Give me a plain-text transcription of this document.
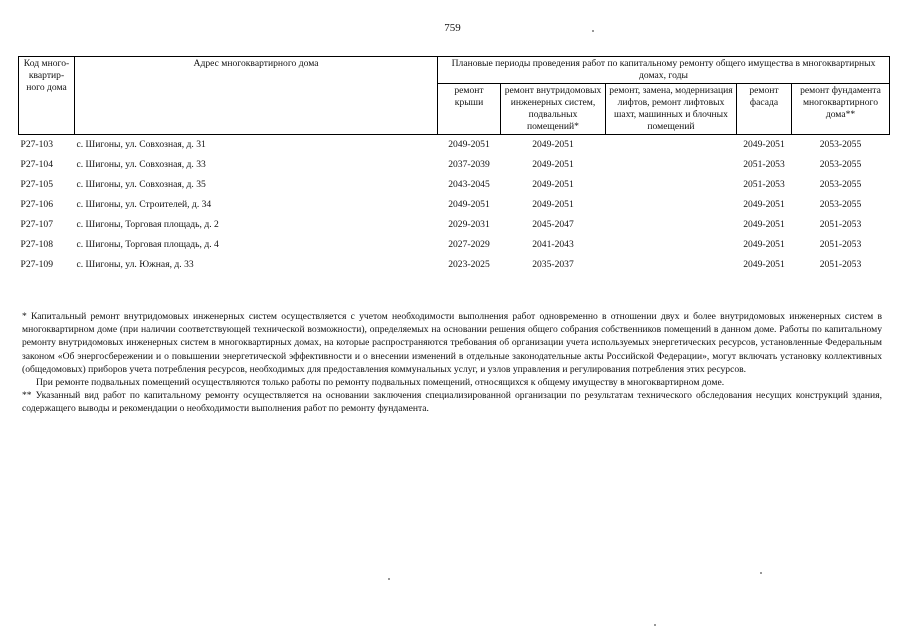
759
Код много-квартир-ного дома	Адрес многоквартирного дома	Плановые периоды проведения работ по капитальному ремонту общего имущества в многоквартирных домах, годы				
		ремонт крыши	ремонт внутридомовых инженерных систем, подвальных помещений*	ремонт, замена, модернизация лифтов, ремонт лифтовых шахт, машинных и блочных помещений	ремонт фасада	ремонт фундамента многоквартирного дома**
Р27-103	с. Шигоны, ул. Совхозная, д. 31	2049-2051	2049-2051		2049-2051	2053-2055
Р27-104	с. Шигоны, ул. Совхозная, д. 33	2037-2039	2049-2051		2051-2053	2053-2055
Р27-105	с. Шигоны, ул. Совхозная, д. 35	2043-2045	2049-2051		2051-2053	2053-2055
Р27-106	с. Шигоны, ул. Строителей, д. 34	2049-2051	2049-2051		2049-2051	2053-2055
Р27-107	с. Шигоны, Торговая площадь, д. 2	2029-2031	2045-2047		2049-2051	2051-2053
Р27-108	с. Шигоны, Торговая площадь, д. 4	2027-2029	2041-2043		2049-2051	2051-2053
Р27-109	с. Шигоны, ул. Южная, д. 33	2023-2025	2035-2037		2049-2051	2051-2053

* Капитальный ремонт внутридомовых инженерных систем осуществляется с учетом необходимости выполнения работ одновременно в отношении двух и более внутридомовых инженерных систем в многоквартирном доме (при наличии соответствующей технической возможности), определяемых на основании решения общего собрания собственников помещений в данном доме. Работы по капитальному ремонту внутридомовых инженерных систем в многоквартирных домах, на которые распространяются требования об организации учета используемых энергетических ресурсов, установленные Федеральным законом «Об энергосбережении и о повышении энергетической эффективности и о внесении изменений в отдельные законодательные акты Российской Федерации», могут включать установку коллективных (общедомовых) приборов учета потребления ресурсов, необходимых для предоставления коммунальных услуг, и узлов управления и регулирования потребления этих ресурсов.

При ремонте подвальных помещений осуществляются только работы по ремонту подвальных помещений, относящихся к общему имуществу в многоквартирном доме.

** Указанный вид работ по капитальному ремонту осуществляется на основании заключения специализированной организации по результатам технического обследования несущих конструкций здания, содержащего выводы и рекомендации о необходимости выполнения работ по ремонту фундамента.
